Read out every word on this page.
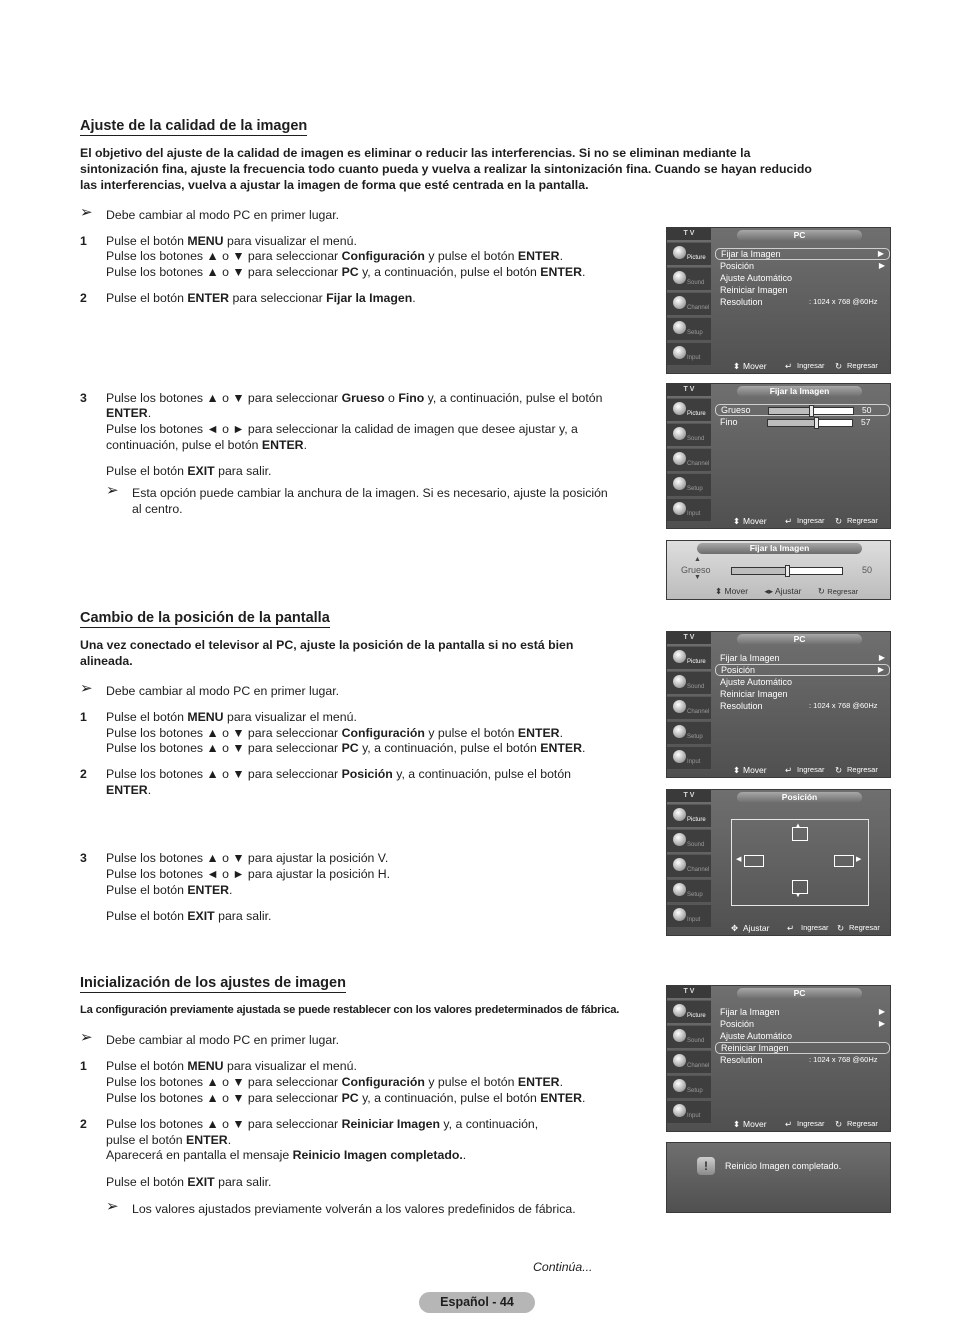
Ajuste de la calidad de la imagen
El objetivo del ajuste de la calidad de imagen es eliminar o reducir las interferencias. Si no se eliminan mediante la
sintonización fina, ajuste la frecuencia todo cuanto pueda y vuelva a realizar la sintonización fina. Cuando se hayan reducido
las interferencias, vuelva a ajustar la imagen de forma que esté centrada en la pantalla.
➢ Debe cambiar al modo PC en primer lugar.
1 Pulse el botón MENU para visualizar el menú.
Pulse los botones ▲ o ▼ para seleccionar Configuración y pulse el botón ENTER.
Pulse los botones ▲ o ▼ para seleccionar PC y, a continuación, pulse el botón ENTER.
2 Pulse el botón ENTER para seleccionar Fijar la Imagen.
3 Pulse los botones ▲ o ▼ para seleccionar Grueso o Fino y, a continuación, pulse el botón
ENTER.
Pulse los botones ◄ o ► para seleccionar la calidad de imagen que desee ajustar y, a
continuación, pulse el botón ENTER.
Pulse el botón EXIT para salir.
➢ Esta opción puede cambiar la anchura de la imagen. Si es necesario, ajuste la posición
al centro.
Cambio de la posición de la pantalla
Una vez conectado el televisor al PC, ajuste la posición de la pantalla si no está bien
alineada.
➢ Debe cambiar al modo PC en primer lugar.
1 Pulse el botón MENU para visualizar el menú.
Pulse los botones ▲ o ▼ para seleccionar Configuración y pulse el botón ENTER.
Pulse los botones ▲ o ▼ para seleccionar PC y, a continuación, pulse el botón ENTER.
2 Pulse los botones ▲ o ▼ para seleccionar Posición y, a continuación, pulse el botón
ENTER.
3 Pulse los botones ▲ o ▼ para ajustar la posición V.
Pulse los botones ◄ o ► para ajustar la posición H.
Pulse el botón ENTER.
Pulse el botón EXIT para salir.
Inicialización de los ajustes de imagen
La configuración previamente ajustada se puede restablecer con los valores predeterminados de fábrica.
➢ Debe cambiar al modo PC en primer lugar.
1 Pulse el botón MENU para visualizar el menú.
Pulse los botones ▲ o ▼ para seleccionar Configuración y pulse el botón ENTER.
Pulse los botones ▲ o ▼ para seleccionar PC y, a continuación, pulse el botón ENTER.
2 Pulse los botones ▲ o ▼ para seleccionar Reiniciar Imagen y, a continuación,
pulse el botón ENTER.
Aparecerá en pantalla el mensaje Reinicio Imagen completado..
Pulse el botón EXIT para salir.
➢ Los valores ajustados previamente volverán a los valores predefinidos de fábrica.
T V	PC
Picture
Sound
Channel
Setup
Input
Fijar la Imagen	▶
Posición	▶
Ajuste Automático
Reiniciar Imagen
Resolution	: 1024 x 768 @60Hz
⬍ Mover ↵ Ingresar ↻ Regresar
T V	Fijar la Imagen
Picture
Sound
Channel
Setup
Input
Grueso	50
Fino	57
⬍ Mover ↵ Ingresar ↻ Regresar
Fijar la Imagen
▲
Grueso
▼
50
⬍ Mover ◂▸ Ajustar ↻ Regresar
T V	PC
Picture
Sound
Channel
Setup
Input
Fijar la Imagen	▶
Posición	▶
Ajuste Automático
Reiniciar Imagen
Resolution	: 1024 x 768 @60Hz
⬍ Mover ↵ Ingresar ↻ Regresar
T V	Posición
Picture
Sound
Channel
Setup
Input
▲
▼
◀	▶
✥ Ajustar ↵ Ingresar ↻ Regresar
T V	PC
Picture
Sound
Channel
Setup
Input
Fijar la Imagen	▶
Posición	▶
Ajuste Automático
Reiniciar Imagen
Resolution	: 1024 x 768 @60Hz
⬍ Mover ↵ Ingresar ↻ Regresar
!	Reinicio Imagen completado.
Continúa...
Español - 44
